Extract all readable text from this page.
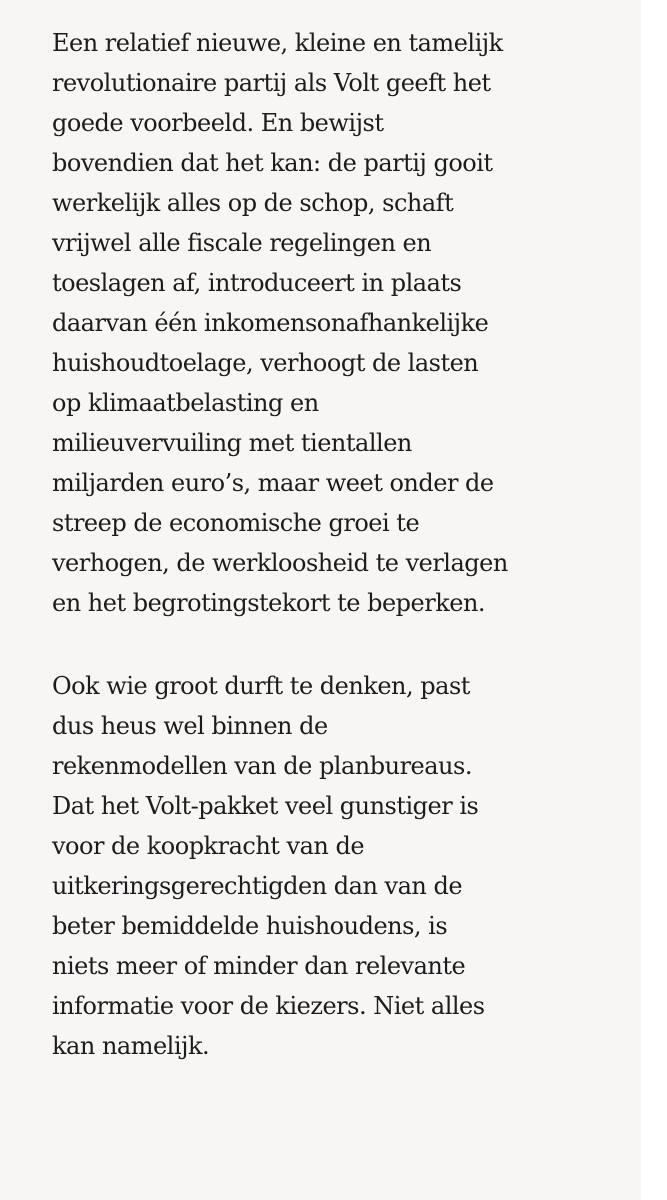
Een relatief nieuwe, kleine en tamelijk
revolutionaire partij als Volt geeft het
goede voorbeeld. En bewijst
bovendien dat het kan: de partij gooit
werkelijk alles op de schop, schaft
vrijwel alle fiscale regelingen en
toeslagen af, introduceert in plaats
daarvan één inkomensonafhankelijke
huishoudtoelage, verhoogt de lasten
op klimaatbelasting en
milieuvervuiling met tientallen
miljarden euro’s, maar weet onder de
streep de economische groei te
verhogen, de werkloosheid te verlagen
en het begrotingstekort te beperken.

Ook wie groot durft te denken, past
dus heus wel binnen de
rekenmodellen van de planbureaus.
Dat het Volt-pakket veel gunstiger is
voor de koopkracht van de
uitkeringsgerechtigden dan van de
beter bemiddelde huishoudens, is
niets meer of minder dan relevante
informatie voor de kiezers. Niet alles
kan namelijk.
